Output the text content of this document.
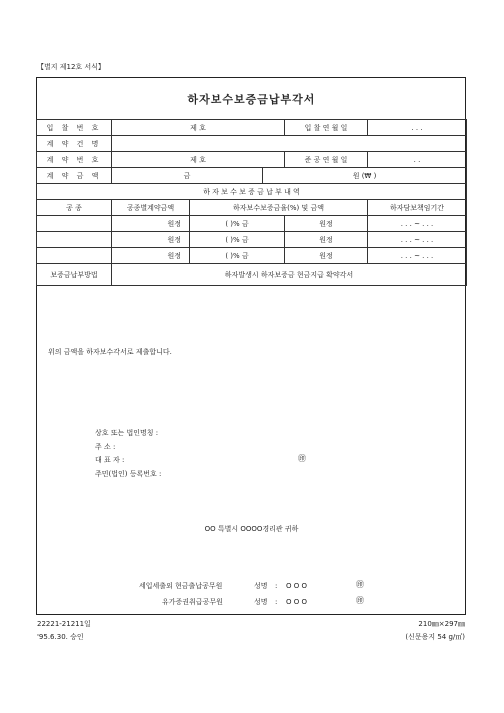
【별지 제12호 서식】
하자보수보증금납부각서
입 찰 번 호	제 호			입 찰 연 월 일	. . .
계 약 건 명					
계 약 번 호	제 호			준 공 연 월 일	. .
계 약 금 액	금		원 (₩ )		
하 자 보 수 보 증 금 납 부 내 역					
공 종	공종별계약금액	하자보수보증금율(%) 및 금액			하자담보책임기간
	원정	( )% 금		원정	. . . ~ . . .
	원정	( )% 금		원정	. . . ~ . . .
	원정	( )% 금		원정	. . . ~ . . .
보증금납부방법	하자발생시 하자보증금 현금지급 확약각서				
위의 금액을 하자보수각서로 제출합니다.
상호 또는 법인명칭 :
주 소 :
대 표 자 :	㊞
주민(법인) 등록번호 :
OO 특별시 OOOO경리관 귀하
세입세출외 현금출납공무원	성명 : O O O	㊞
유가증권취급공무원	성명 : O O O	㊞
22221-21211일
'95.6.30. 승인
210㎜×297㎜
(신문용지 54 g/㎡)
